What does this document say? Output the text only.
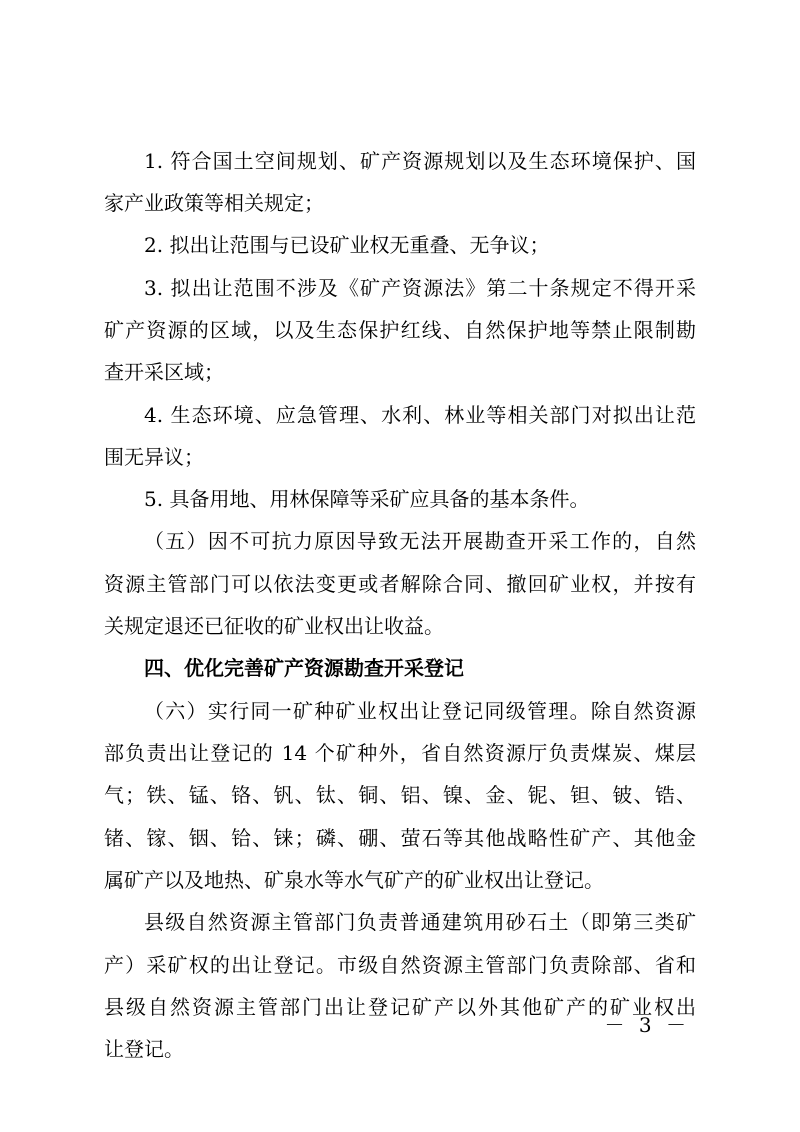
1. 符合国土空间规划、矿产资源规划以及生态环境保护、国
家产业政策等相关规定；
2. 拟出让范围与已设矿业权无重叠、无争议；
3. 拟出让范围不涉及《矿产资源法》第二十条规定不得开采
矿产资源的区域，以及生态保护红线、自然保护地等禁止限制勘
查开采区域；
4. 生态环境、应急管理、水利、林业等相关部门对拟出让范
围无异议；
5. 具备用地、用林保障等采矿应具备的基本条件。
（五）因不可抗力原因导致无法开展勘查开采工作的，自然
资源主管部门可以依法变更或者解除合同、撤回矿业权，并按有
关规定退还已征收的矿业权出让收益。
四、优化完善矿产资源勘查开采登记
（六）实行同一矿种矿业权出让登记同级管理。除自然资源
部负责出让登记的 14 个矿种外，省自然资源厅负责煤炭、煤层
气；铁、锰、铬、钒、钛、铜、铝、镍、金、铌、钽、铍、锆、
锗、镓、铟、铪、铼；磷、硼、萤石等其他战略性矿产、其他金
属矿产以及地热、矿泉水等水气矿产的矿业权出让登记。
县级自然资源主管部门负责普通建筑用砂石土（即第三类矿
产）采矿权的出让登记。市级自然资源主管部门负责除部、省和
县级自然资源主管部门出让登记矿产以外其他矿产的矿业权出
让登记。
－ 3 －
